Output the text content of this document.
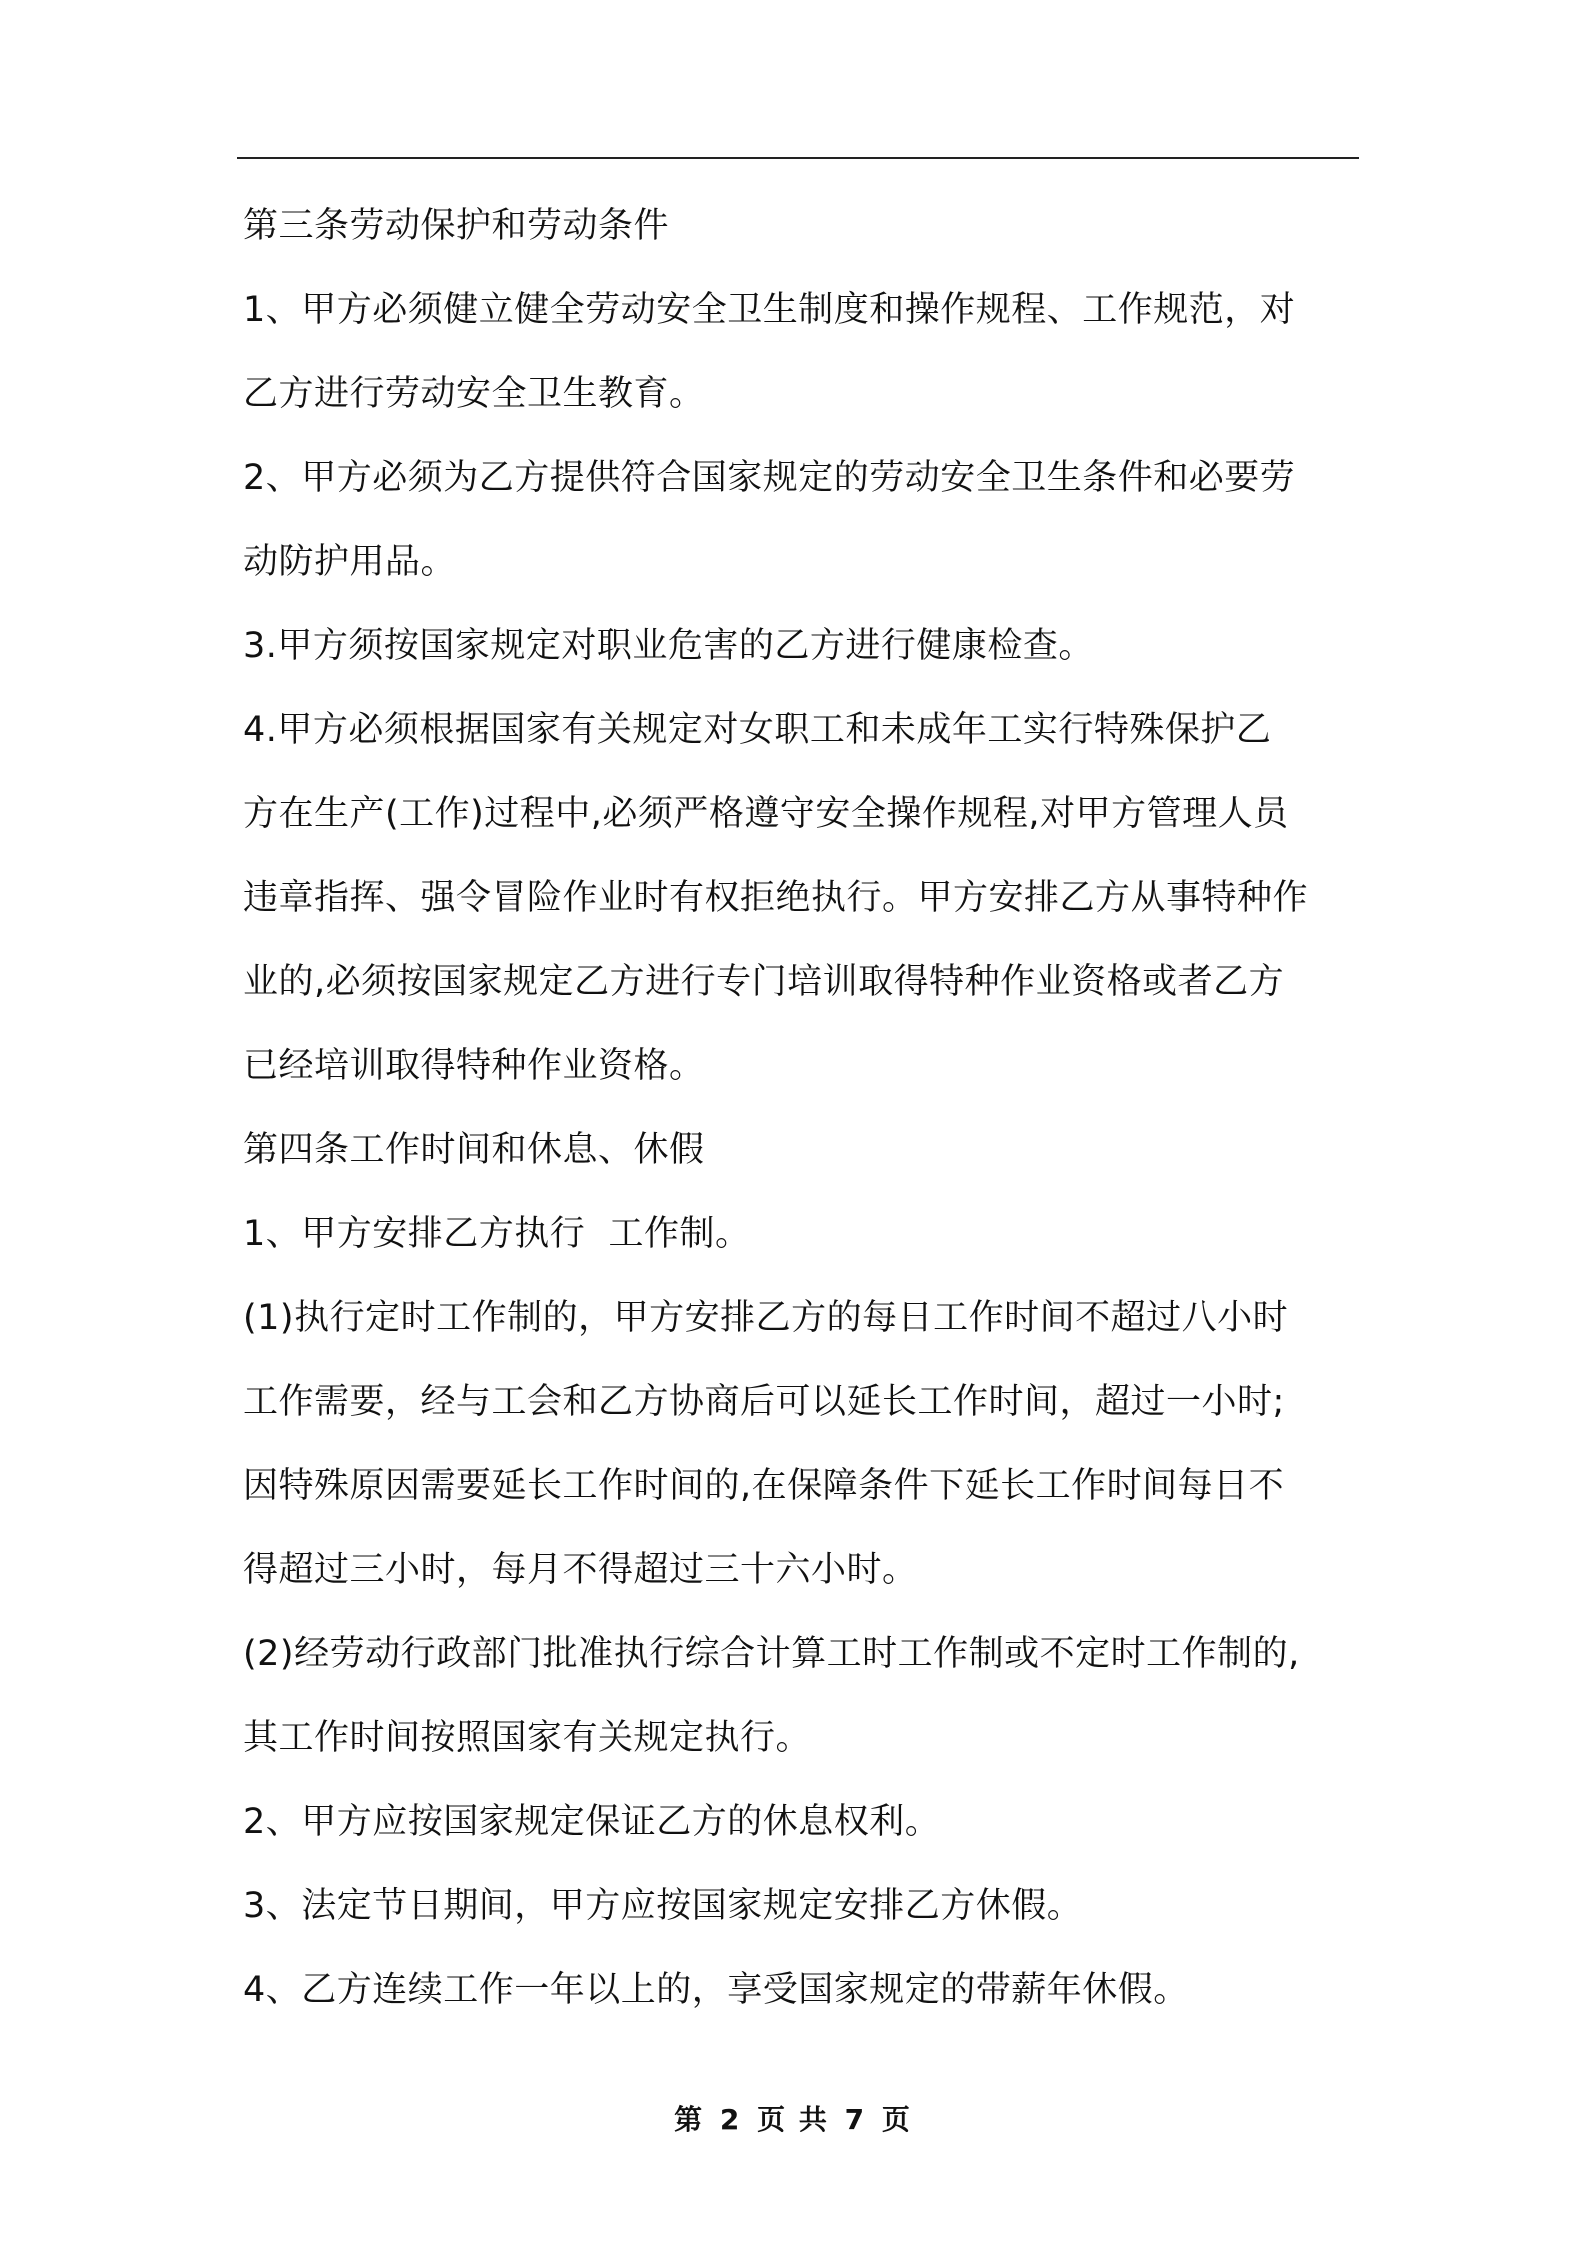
第三条劳动保护和劳动条件
1、甲方必须健立健全劳动安全卫生制度和操作规程、工作规范，对
乙方进行劳动安全卫生教育。
2、甲方必须为乙方提供符合国家规定的劳动安全卫生条件和必要劳
动防护用品。
3.甲方须按国家规定对职业危害的乙方进行健康检查。
4.甲方必须根据国家有关规定对女职工和未成年工实行特殊保护乙
方在生产(工作)过程中,必须严格遵守安全操作规程,对甲方管理人员
违章指挥、强令冒险作业时有权拒绝执行。甲方安排乙方从事特种作
业的,必须按国家规定乙方进行专门培训取得特种作业资格或者乙方
已经培训取得特种作业资格。
第四条工作时间和休息、休假
1、甲方安排乙方执行  工作制。
(1)执行定时工作制的，甲方安排乙方的每日工作时间不超过八小时
工作需要，经与工会和乙方协商后可以延长工作时间，超过一小时;
因特殊原因需要延长工作时间的,在保障条件下延长工作时间每日不
得超过三小时，每月不得超过三十六小时。
(2)经劳动行政部门批准执行综合计算工时工作制或不定时工作制的,
其工作时间按照国家有关规定执行。
2、甲方应按国家规定保证乙方的休息权利。
3、法定节日期间，甲方应按国家规定安排乙方休假。
4、乙方连续工作一年以上的，享受国家规定的带薪年休假。
第 2 页 共 7 页
